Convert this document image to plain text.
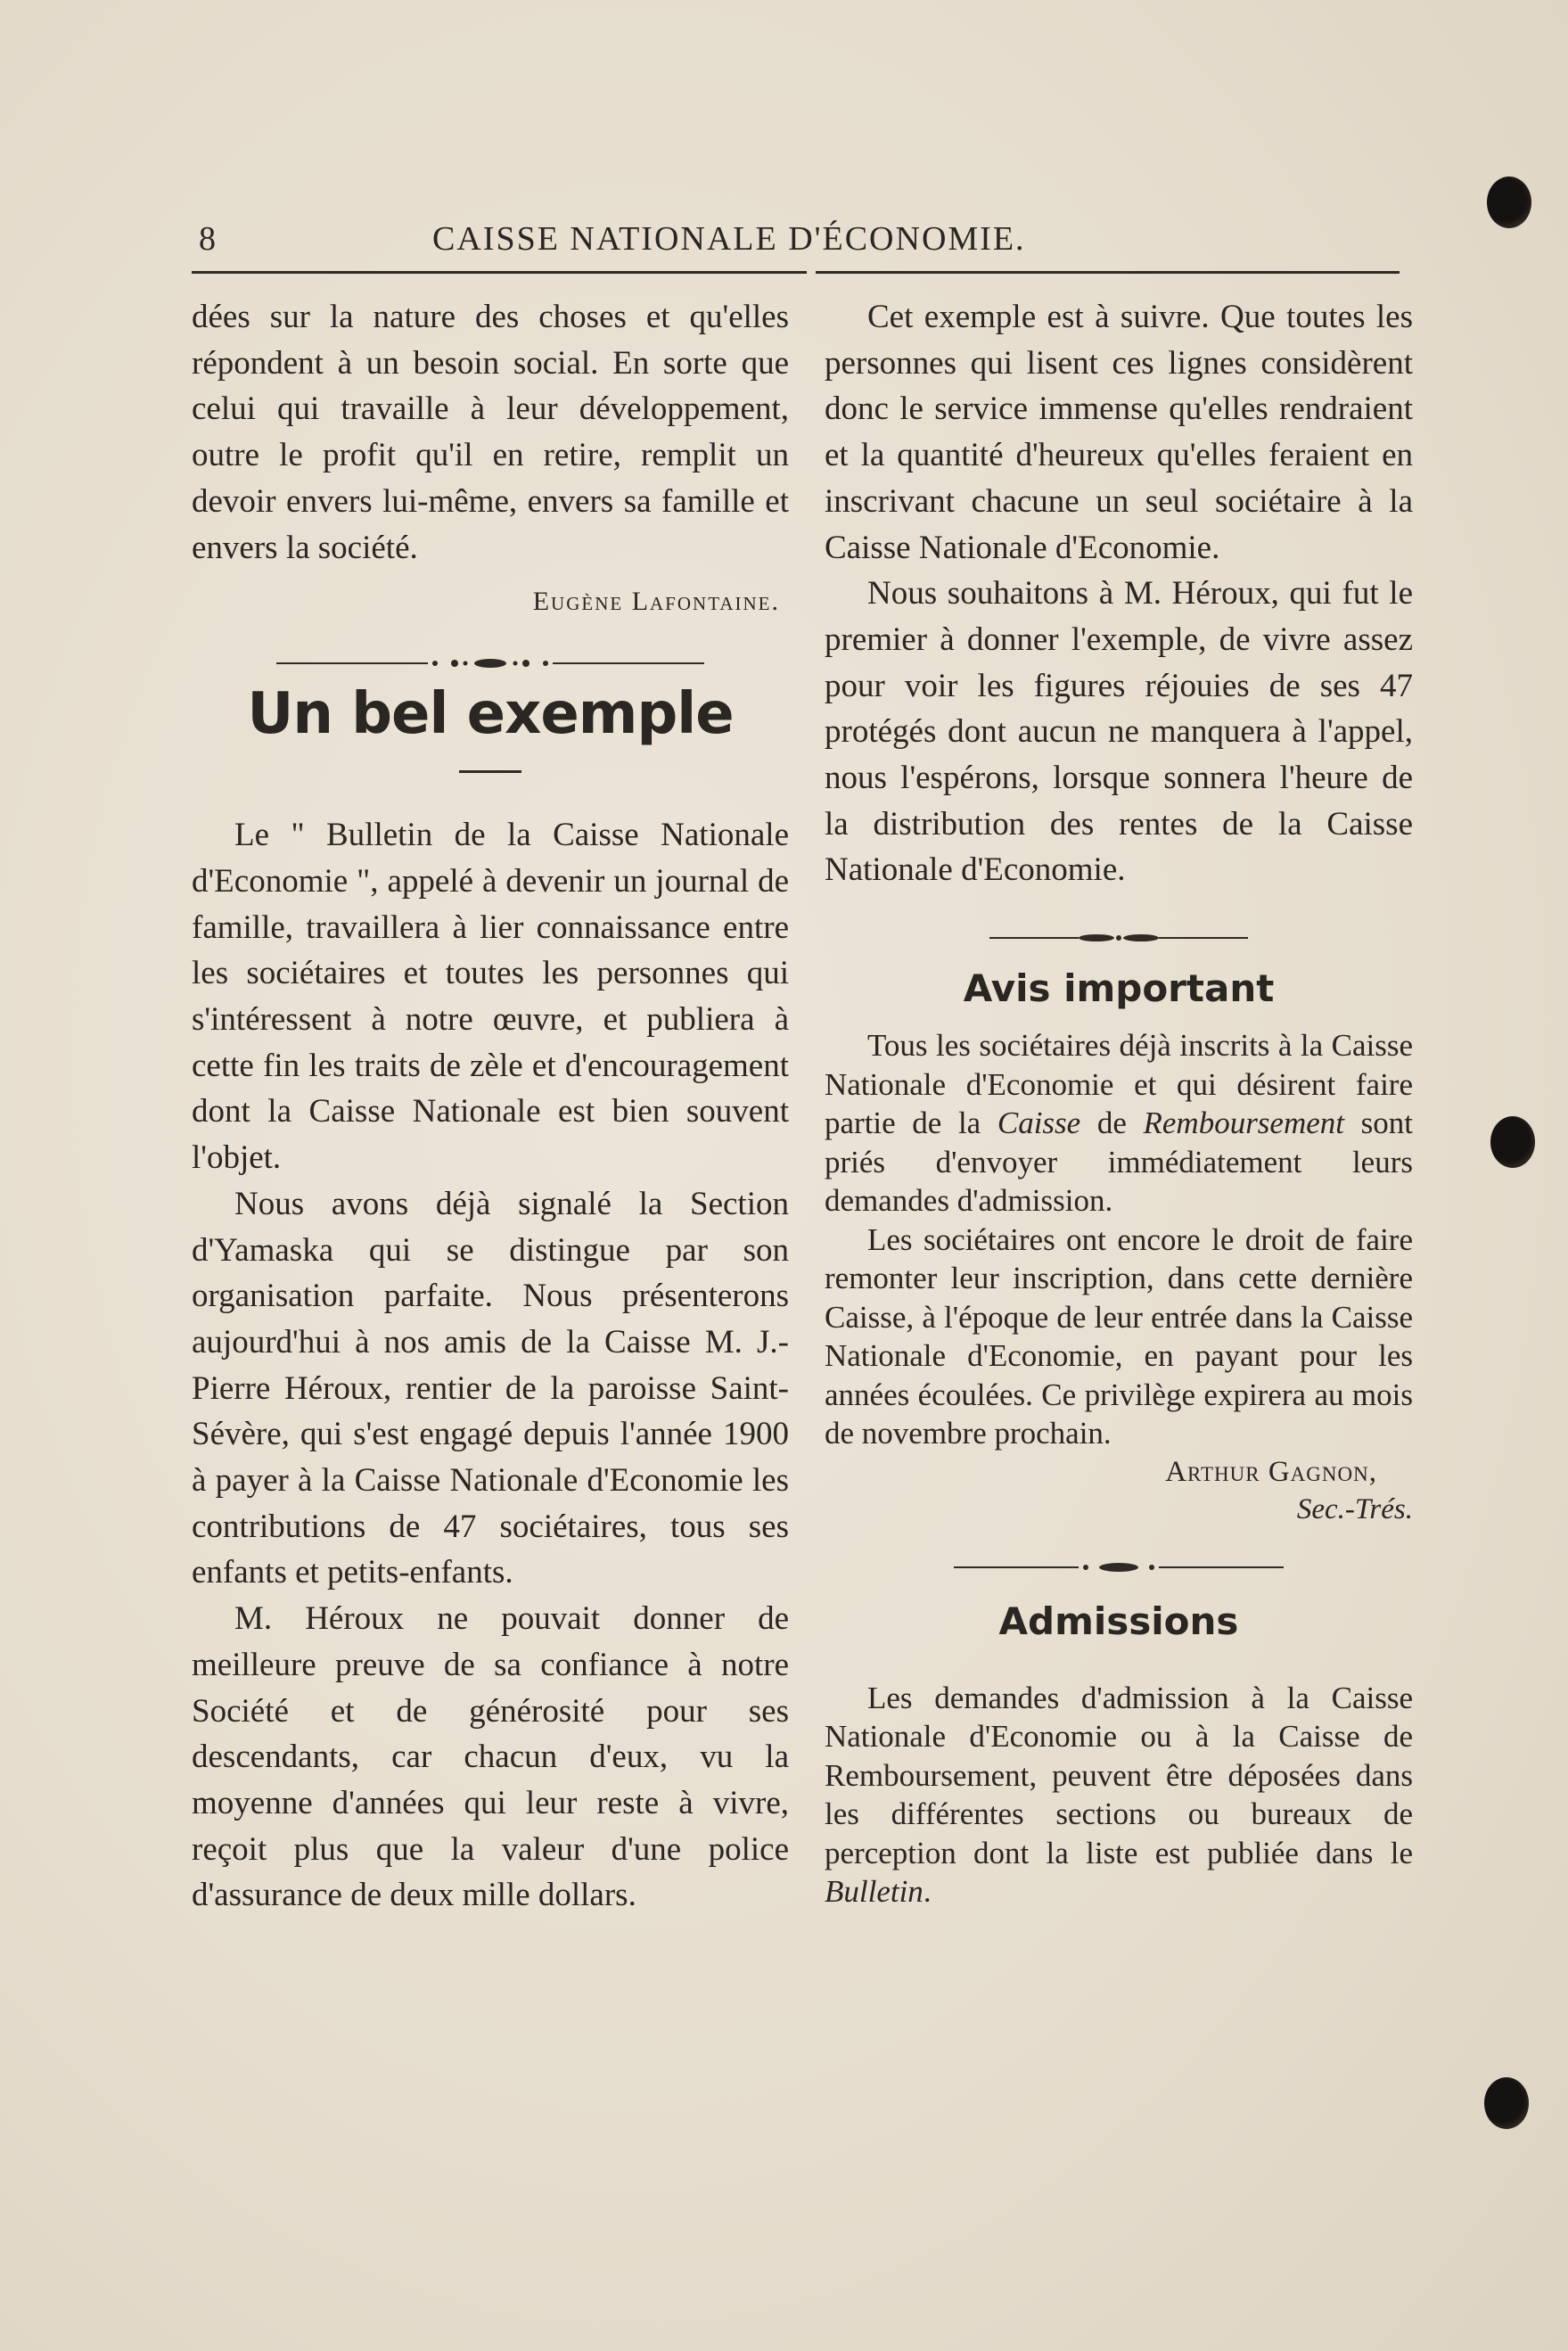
8	CAISSE NATIONALE D'ÉCONOMIE.

dées sur la nature des choses et qu'elles répondent à un besoin social. En sorte que celui qui travaille à leur développement, outre le profit qu'il en retire, remplit un devoir envers lui-même, envers sa famille et envers la société.

Eugène Lafontaine.

Un bel exemple

Le " Bulletin de la Caisse Nationale d'Economie ", appelé à devenir un journal de famille, travaillera à lier connaissance entre les sociétaires et toutes les personnes qui s'intéressent à notre œuvre, et publiera à cette fin les traits de zèle et d'encouragement dont la Caisse Nationale est bien souvent l'objet.

Nous avons déjà signalé la Section d'Yamaska qui se distingue par son organisation parfaite. Nous présenterons aujourd'hui à nos amis de la Caisse M. J.-Pierre Héroux, rentier de la paroisse Saint-Sévère, qui s'est engagé depuis l'année 1900 à payer à la Caisse Nationale d'Economie les contributions de 47 sociétaires, tous ses enfants et petits-enfants.

M. Héroux ne pouvait donner de meilleure preuve de sa confiance à notre Société et de générosité pour ses descendants, car chacun d'eux, vu la moyenne d'années qui leur reste à vivre, reçoit plus que la valeur d'une police d'assurance de deux mille dollars.

Cet exemple est à suivre. Que toutes les personnes qui lisent ces lignes considèrent donc le service immense qu'elles rendraient et la quantité d'heureux qu'elles feraient en inscrivant chacune un seul sociétaire à la Caisse Nationale d'Economie.

Nous souhaitons à M. Héroux, qui fut le premier à donner l'exemple, de vivre assez pour voir les figures réjouies de ses 47 protégés dont aucun ne manquera à l'appel, nous l'espérons, lorsque sonnera l'heure de la distribution des rentes de la Caisse Nationale d'Economie.

Avis important

Tous les sociétaires déjà inscrits à la Caisse Nationale d'Economie et qui désirent faire partie de la Caisse de Remboursement sont priés d'envoyer immédiatement leurs demandes d'admission.

Les sociétaires ont encore le droit de faire remonter leur inscription, dans cette dernière Caisse, à l'époque de leur entrée dans la Caisse Nationale d'Economie, en payant pour les années écoulées. Ce privilège expirera au mois de novembre prochain.

Arthur Gagnon,

Sec.-Trés.

Admissions

Les demandes d'admission à la Caisse Nationale d'Economie ou à la Caisse de Remboursement, peuvent être déposées dans les différentes sections ou bureaux de perception dont la liste est publiée dans le Bulletin.
